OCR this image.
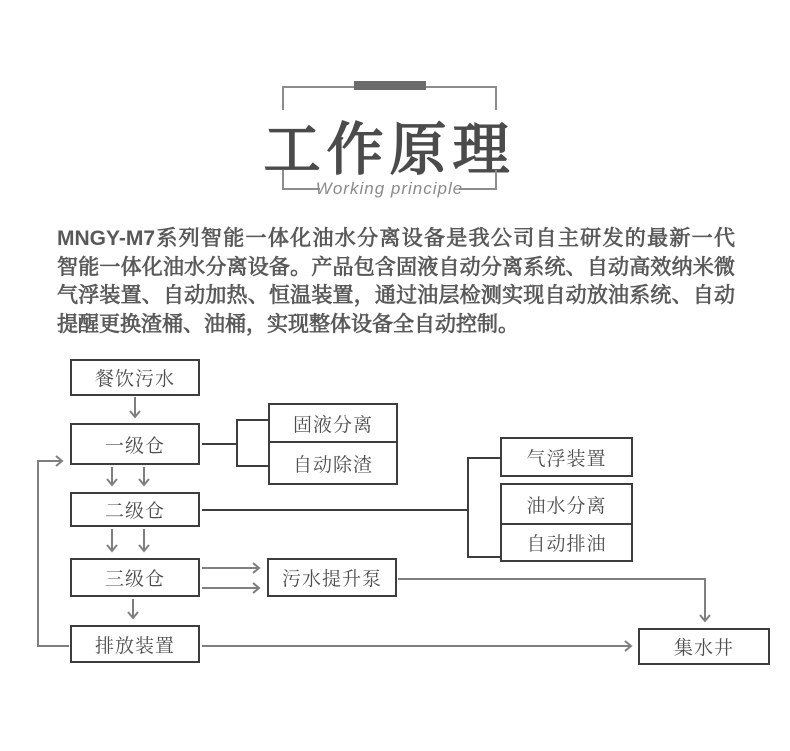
工作原理
Working principle

MNGY-M7系列智能一体化油水分离设备是我公司自主研发的最新一代

智能一体化油水分离设备。产品包含固液自动分离系统、自动高效纳米微

气浮装置、自动加热、恒温装置，通过油层检测实现自动放油系统、自动

提醒更换渣桶、油桶，实现整体设备全自动控制。

餐饮污水
一级仓
二级仓
三级仓
排放装置
固液分离
自动除渣	气浮装置
油水分离
自动排油
污水提升泵
集水井
